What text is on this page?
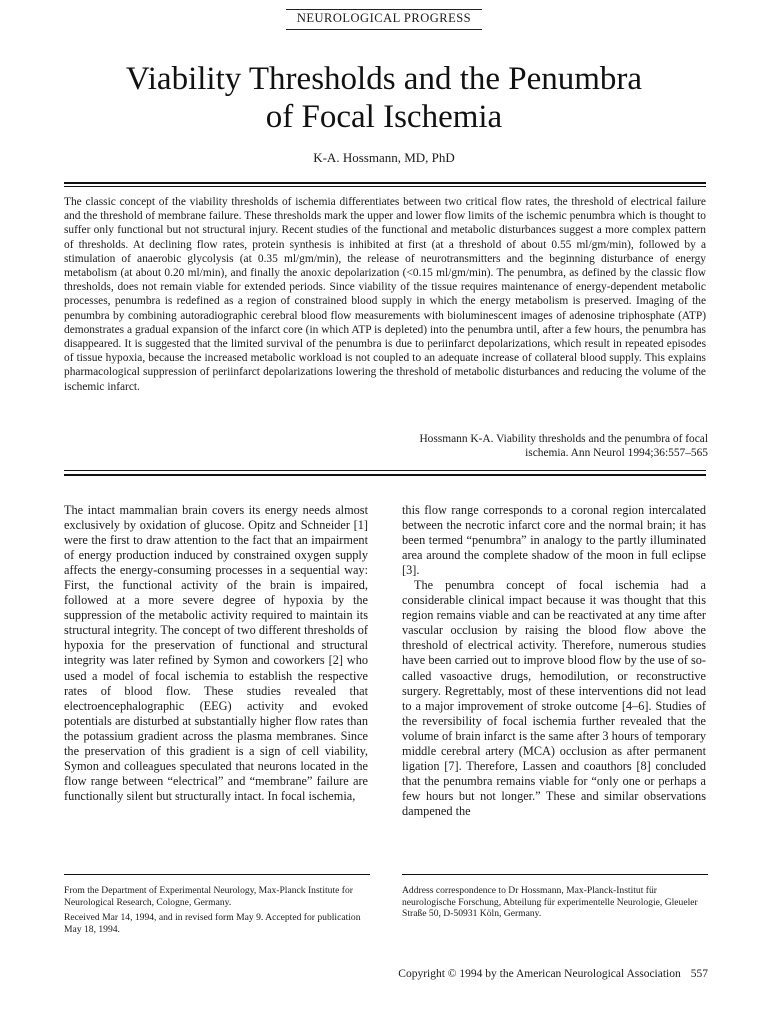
NEUROLOGICAL PROGRESS
Viability Thresholds and the Penumbra
of Focal Ischemia
K-A. Hossmann, MD, PhD

The classic concept of the viability thresholds of ischemia differentiates between two critical flow rates, the threshold of electrical failure and the threshold of membrane failure. These thresholds mark the upper and lower flow limits of the ischemic penumbra which is thought to suffer only functional but not structural injury. Recent studies of the functional and metabolic disturbances suggest a more complex pattern of thresholds. At declining flow rates, protein synthesis is inhibited at first (at a threshold of about 0.55 ml/gm/min), followed by a stimulation of anaerobic glycolysis (at 0.35 ml/gm/min), the release of neurotransmitters and the beginning disturbance of energy metabolism (at about 0.20 ml/min), and finally the anoxic depolarization (<0.15 ml/gm/min). The penumbra, as defined by the classic flow thresholds, does not remain viable for extended periods. Since viability of the tissue requires maintenance of energy-dependent metabolic processes, penumbra is redefined as a region of constrained blood supply in which the energy metabolism is preserved. Imaging of the penumbra by combining autoradiographic cerebral blood flow measurements with bioluminescent images of adenosine triphosphate (ATP) demonstrates a gradual expansion of the infarct core (in which ATP is depleted) into the penumbra until, after a few hours, the penumbra has disappeared. It is suggested that the limited survival of the penumbra is due to periinfarct depolarizations, which result in repeated episodes of tissue hypoxia, because the increased metabolic workload is not coupled to an adequate increase of collateral blood supply. This explains pharmacological suppression of periinfarct depolarizations lowering the threshold of metabolic disturbances and reducing the volume of the ischemic infarct.

Hossmann K-A. Viability thresholds and the penumbra of focal
ischemia. Ann Neurol 1994;36:557–565

The intact mammalian brain covers its energy needs almost exclusively by oxidation of glucose. Opitz and Schneider [1] were the first to draw attention to the fact that an impairment of energy production induced by constrained oxygen supply affects the energy-consuming processes in a sequential way: First, the functional activity of the brain is impaired, followed at a more severe degree of hypoxia by the suppression of the metabolic activity required to maintain its structural integrity. The concept of two different thresholds of hypoxia for the preservation of functional and structural integrity was later refined by Symon and coworkers [2] who used a model of focal ischemia to establish the respective rates of blood flow. These studies revealed that electroencephalographic (EEG) activity and evoked potentials are disturbed at substantially higher flow rates than the potassium gradient across the plasma membranes. Since the preservation of this gradient is a sign of cell viability, Symon and colleagues speculated that neurons located in the flow range between “electrical” and “membrane” failure are functionally silent but structurally intact. In focal ischemia,

this flow range corresponds to a coronal region intercalated between the necrotic infarct core and the normal brain; it has been termed “penumbra” in analogy to the partly illuminated area around the complete shadow of the moon in full eclipse [3].

The penumbra concept of focal ischemia had a considerable clinical impact because it was thought that this region remains viable and can be reactivated at any time after vascular occlusion by raising the blood flow above the threshold of electrical activity. Therefore, numerous studies have been carried out to improve blood flow by the use of so-called vasoactive drugs, hemodilution, or reconstructive surgery. Regrettably, most of these interventions did not lead to a major improvement of stroke outcome [4–6]. Studies of the reversibility of focal ischemia further revealed that the volume of brain infarct is the same after 3 hours of temporary middle cerebral artery (MCA) occlusion as after permanent ligation [7]. Therefore, Lassen and coauthors [8] concluded that the penumbra remains viable for “only one or perhaps a few hours but not longer.” These and similar observations dampened the

From the Department of Experimental Neurology, Max-Planck Institute for Neurological Research, Cologne, Germany.

Received Mar 14, 1994, and in revised form May 9. Accepted for publication May 18, 1994.

Address correspondence to Dr Hossmann, Max-Planck-Institut für neurologische Forschung, Abteilung für experimentelle Neurologie, Gleueler Straße 50, D-50931 Köln, Germany.

Copyright © 1994 by the American Neurological Association 557
